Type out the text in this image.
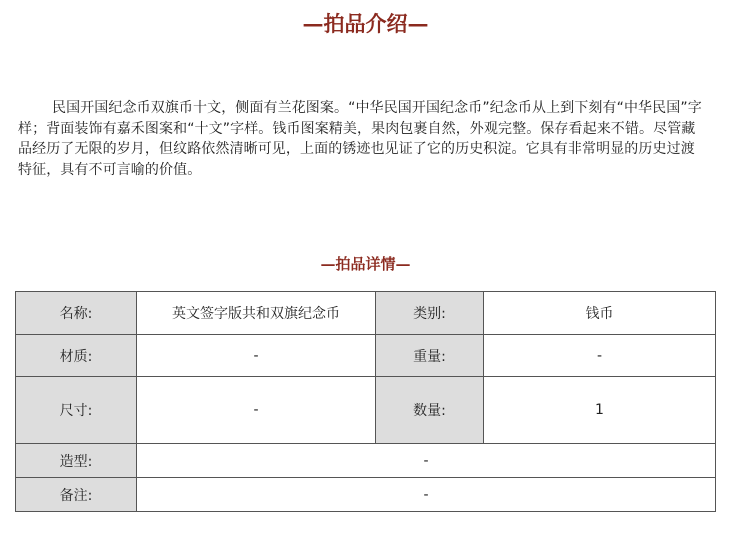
—拍品介绍—

民国开国纪念币双旗币十文，侧面有兰花图案。“中华民国开国纪念币”纪念币从上到下刻有“中华民国”字样；背面装饰有嘉禾图案和“十文”字样。钱币图案精美，果肉包裹自然，外观完整。保存看起来不错。尽管藏品经历了无限的岁月，但纹路依然清晰可见，上面的锈迹也见证了它的历史积淀。它具有非常明显的历史过渡特征，具有不可言喻的价值。

—拍品详情—
名称:	英文签字版共和双旗纪念币	类别:	钱币
材质:	-	重量:	-
尺寸:	-	数量:	1
造型:	-		
备注:	-		
